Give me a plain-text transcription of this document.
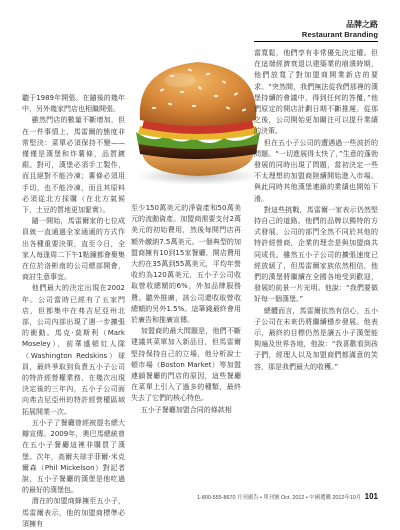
品牌之路
Restaurant Branding

聽于1989年開張。在隨後的幾年中，另外幾家門店也相繼開張。

雖然門店的數量不斷增加，但在一件事情上，馬雷爾的態度非常堅決：菜單必須保持不變——僅僅是漢堡和炸薯條，品質鍍銀。對可，漢堡必須手工製作，而且絕對不能冷凍；薯條必須用手切，也不能冷凍，而且其原料必須從北方採購（在北方氣候下，土豆的質地更加緊實）。

隨一開始，馬雷爾家的七位成員就一直通過全家通通的方式作出各種重要決策，直至今日，全家人每逢周二下午1點鐘都會聚集在位於洛彬南的公司總部開會，商討生意事宜。

他們最大的決定出現在2002年。公司當時已經有了五家門店，但都集中在弗吉尼亞州北部，公司內部出現了遇一步擴張的衝動。馬克·莫斯利（Mark Moseley），前華盛頓紅人隊（Washington Redskins）球員，最終爭取到負責五小子公司的特許經營權業務，在幾次出現決定後的三年內，五小子公司面向弗吉尼亞州的特許經營權區域拓展開業一次。

五小子了餐廳曾經被提名總大瓣宣傳。2009年，奧巴馬總統曾在五小子餐廳這裡非購買了漢堡。次年，高爾夫球手菲爾·米克爾森（Phil Mickelson）對記者說，五小子餐廳的漢堡是他吃過的最好的漢堡包。

潛在的加盟商蜂擁至五小子，馬雷爾表示，他的加盟商標準必須擁有

至少150萬美元的淨資產和50萬美元的流動資產。加盟商需要支付2萬美元的初始費用，然後每開門店再額外繳納7.5萬美元。一個典型的加盟商擁有10到15家餐廳，開店費用大約在35萬到55萬美元，平均年營收約為120萬美元，五小子公司收取營收總額的6%，外加品牌服務費。聽外推廣，該公司還收取營收總額的另外1.5%。這筆錢最終會用於廣告和推廣宣傳。

加盟商的最大問題是，他們不斷建議其菜單加入新品目，但馬雷爾堅持保持自己的立場，他分析說士頓市場（Boston Market）等加盟連鎖餐廳的門店的原因，這些餐廳在菜單上引入了過多的種類，最終失去了它們的核心特色。

五小子餐廳加盟合同的條款相

當寬鬆，他們享有非常優先決定權。但在這端經濟衰退以建築業的崩潰時期，他們放寬了對加盟商開業新店的要求。“突然間，我們無法從我們那裡的漢堡持續的會議中，得到任何的答覆，”他們原定的開店計劃日期不斷推遲。從那之後，公司開始更加關注可以提升業績的決策。

但在五小子公司的遭遇過一些波折的問題。“一切進展得太快了，”生意的蓬勃發展的同時出現了問題，當初決定一些不太理想的加盟商陸續開始進入市場。與此同時其他漢堡連鎖的業績也開始下滑。

對這些挑戰，馬雷爾一家表示仍然堅持自己的道路。他們的品牌以獨特的方式發展，公司的部門全然不同於其他的特許經營商，企業的理念是與加盟商共同成長。雖然五小子公司的擴張速度已經放緩了，但馬雷爾家族依然相信，他們的漢堡將繼續在全國各地受到歡迎，發展的前景一片光明。他說：“我們要做好每一個漢堡。”

總體而言，馬雷爾依然有信心，五小子公司在未來仍將繼續穩步發展。他表示，最終的目標仍然是讓五小子漢堡能夠遍及世界各地，他說：“我喜歡看到孩子們，經理人以及加盟商們都滿意的笑容，那是我們最大的收穫。”

1-800-555-8670 月刊廣告 • 單刊號 Oct. 2012 • 中國選購 2012年10月 101
